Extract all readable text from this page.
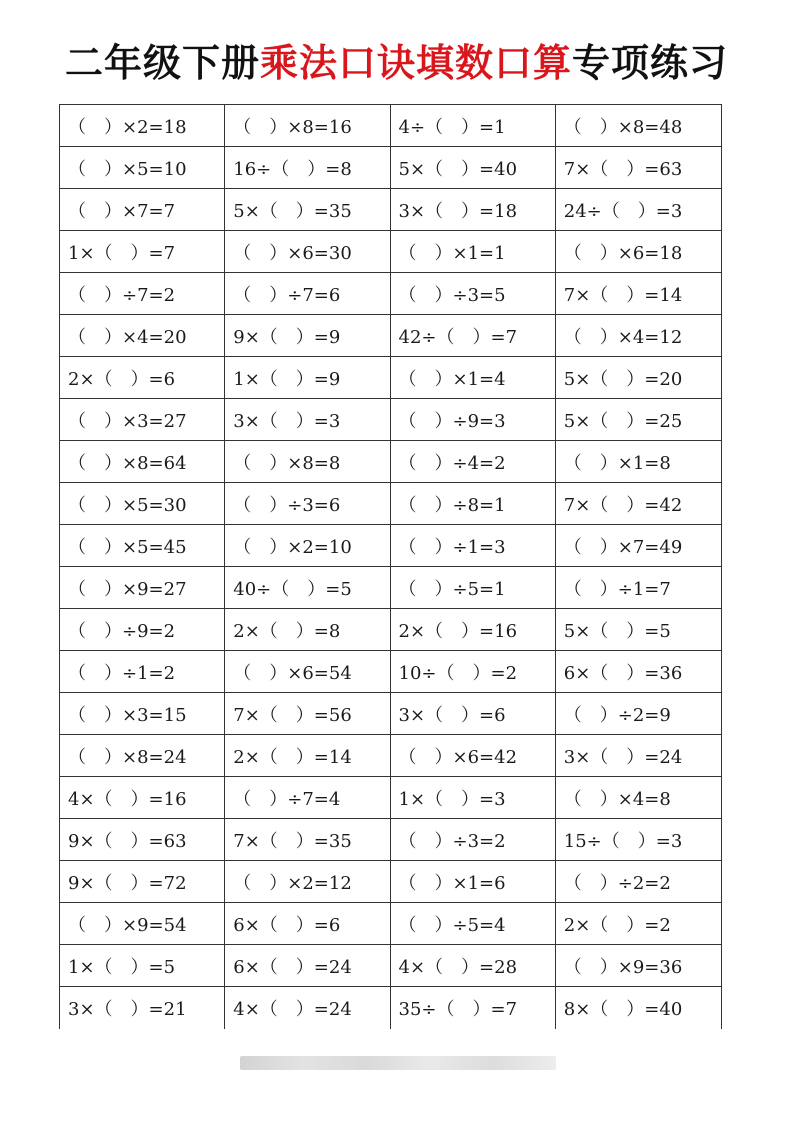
二年级下册乘法口诀填数口算专项练习
（　）×2=18	（　）×8=16	4÷（　）=1	（　）×8=48
（　）×5=10	16÷（　）=8	5×（　）=40	7×（　）=63
（　）×7=7	5×（　）=35	3×（　）=18	24÷（　）=3
1×（　）=7	（　）×6=30	（　）×1=1	（　）×6=18
（　）÷7=2	（　）÷7=6	（　）÷3=5	7×（　）=14
（　）×4=20	9×（　）=9	42÷（　）=7	（　）×4=12
2×（　）=6	1×（　）=9	（　）×1=4	5×（　）=20
（　）×3=27	3×（　）=3	（　）÷9=3	5×（　）=25
（　）×8=64	（　）×8=8	（　）÷4=2	（　）×1=8
（　）×5=30	（　）÷3=6	（　）÷8=1	7×（　）=42
（　）×5=45	（　）×2=10	（　）÷1=3	（　）×7=49
（　）×9=27	40÷（　）=5	（　）÷5=1	（　）÷1=7
（　）÷9=2	2×（　）=8	2×（　）=16	5×（　）=5
（　）÷1=2	（　）×6=54	10÷（　）=2	6×（　）=36
（　）×3=15	7×（　）=56	3×（　）=6	（　）÷2=9
（　）×8=24	2×（　）=14	（　）×6=42	3×（　）=24
4×（　）=16	（　）÷7=4	1×（　）=3	（　）×4=8
9×（　）=63	7×（　）=35	（　）÷3=2	15÷（　）=3
9×（　）=72	（　）×2=12	（　）×1=6	（　）÷2=2
（　）×9=54	6×（　）=6	（　）÷5=4	2×（　）=2
1×（　）=5	6×（　）=24	4×（　）=28	（　）×9=36
3×（　）=21	4×（　）=24	35÷（　）=7	8×（　）=40
